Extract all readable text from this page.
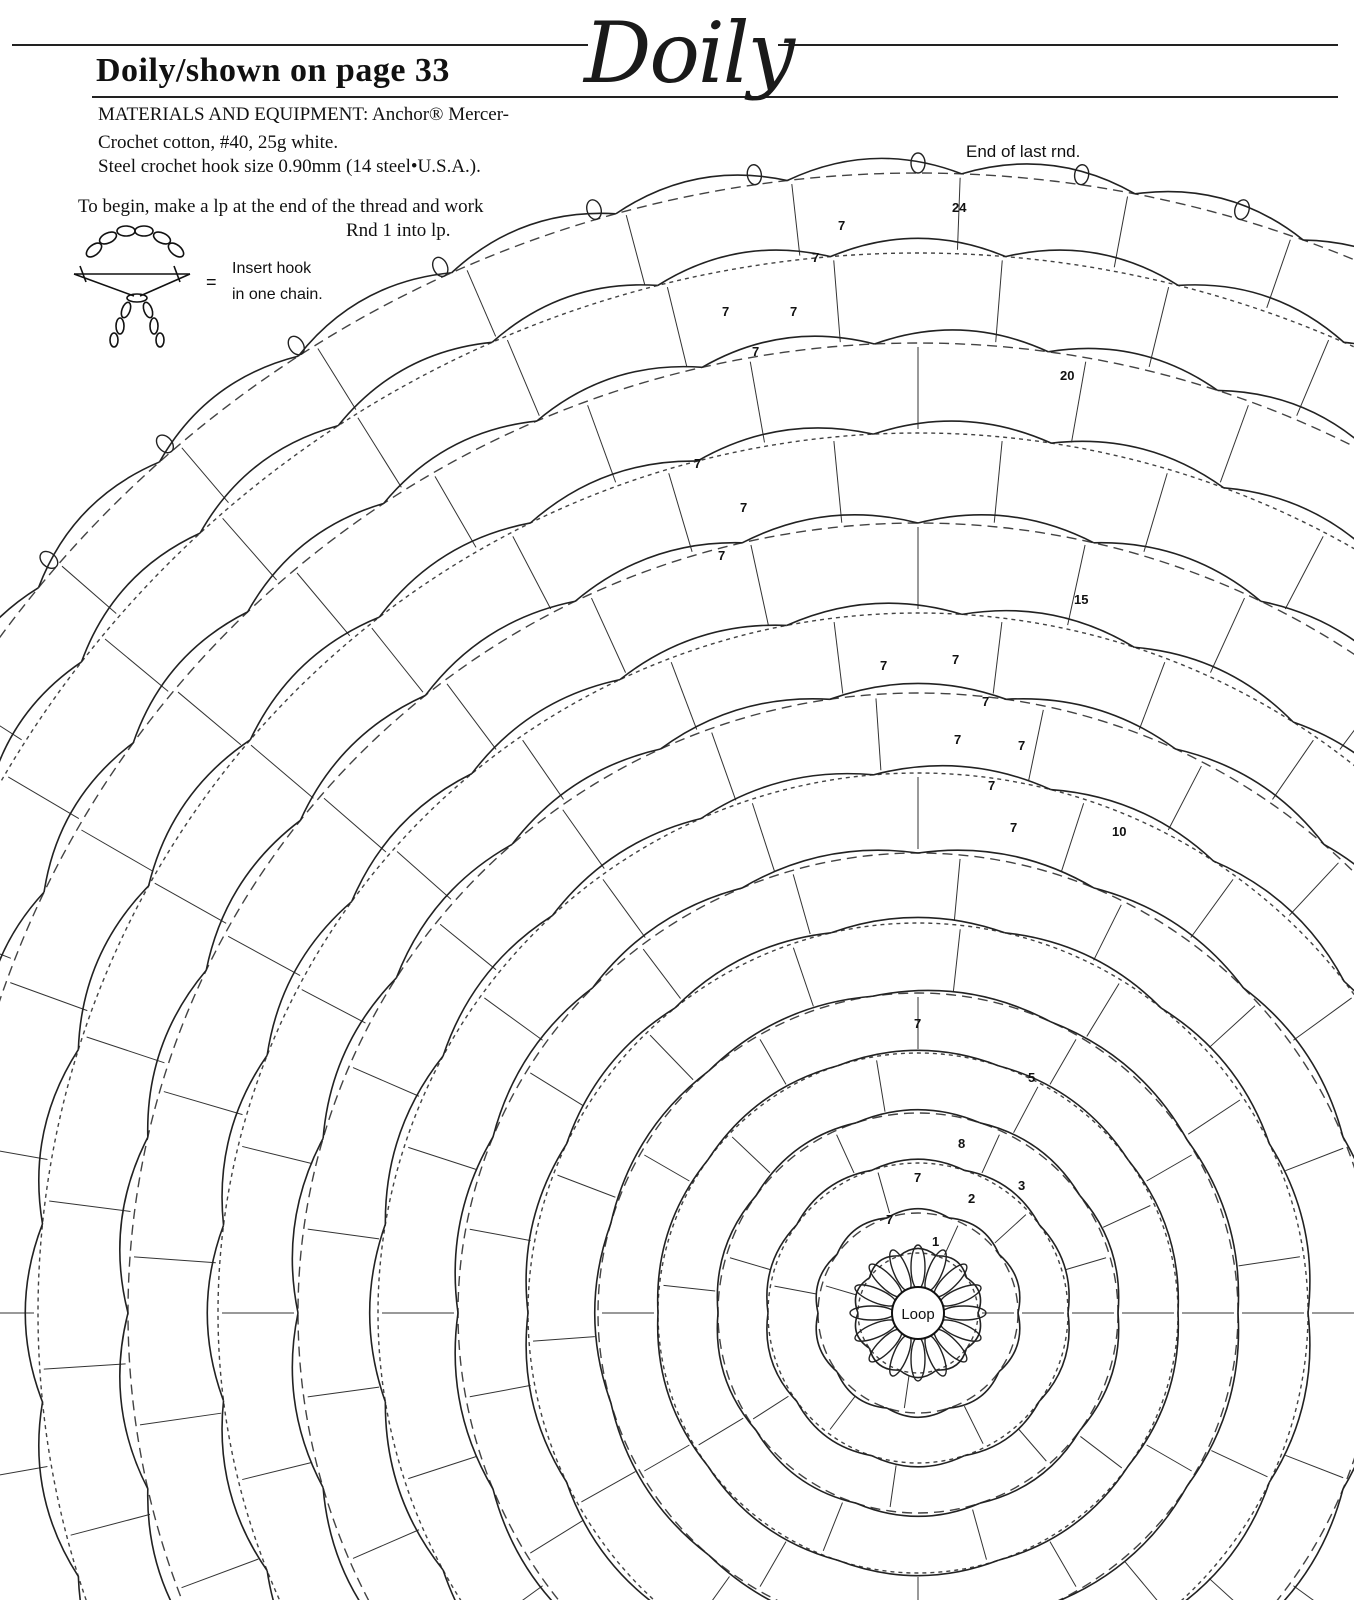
Doily/shown on page 33 Doily
MATERIALS AND EQUIPMENT: Anchor® Mercer-
Crochet cotton, #40, 25g white.
Steel crochet hook size 0.90mm (14 steel•U.S.A.).
To begin, make a lp at the end of the thread and work
Rnd 1 into lp.
=
Insert hook
in one chain.
End of last rnd.
1
2
3
5
8
10
15
20
24
7
7
7	7
7
7
7
7
7
7
7
7	7
7
7
7
7
7
Loop
